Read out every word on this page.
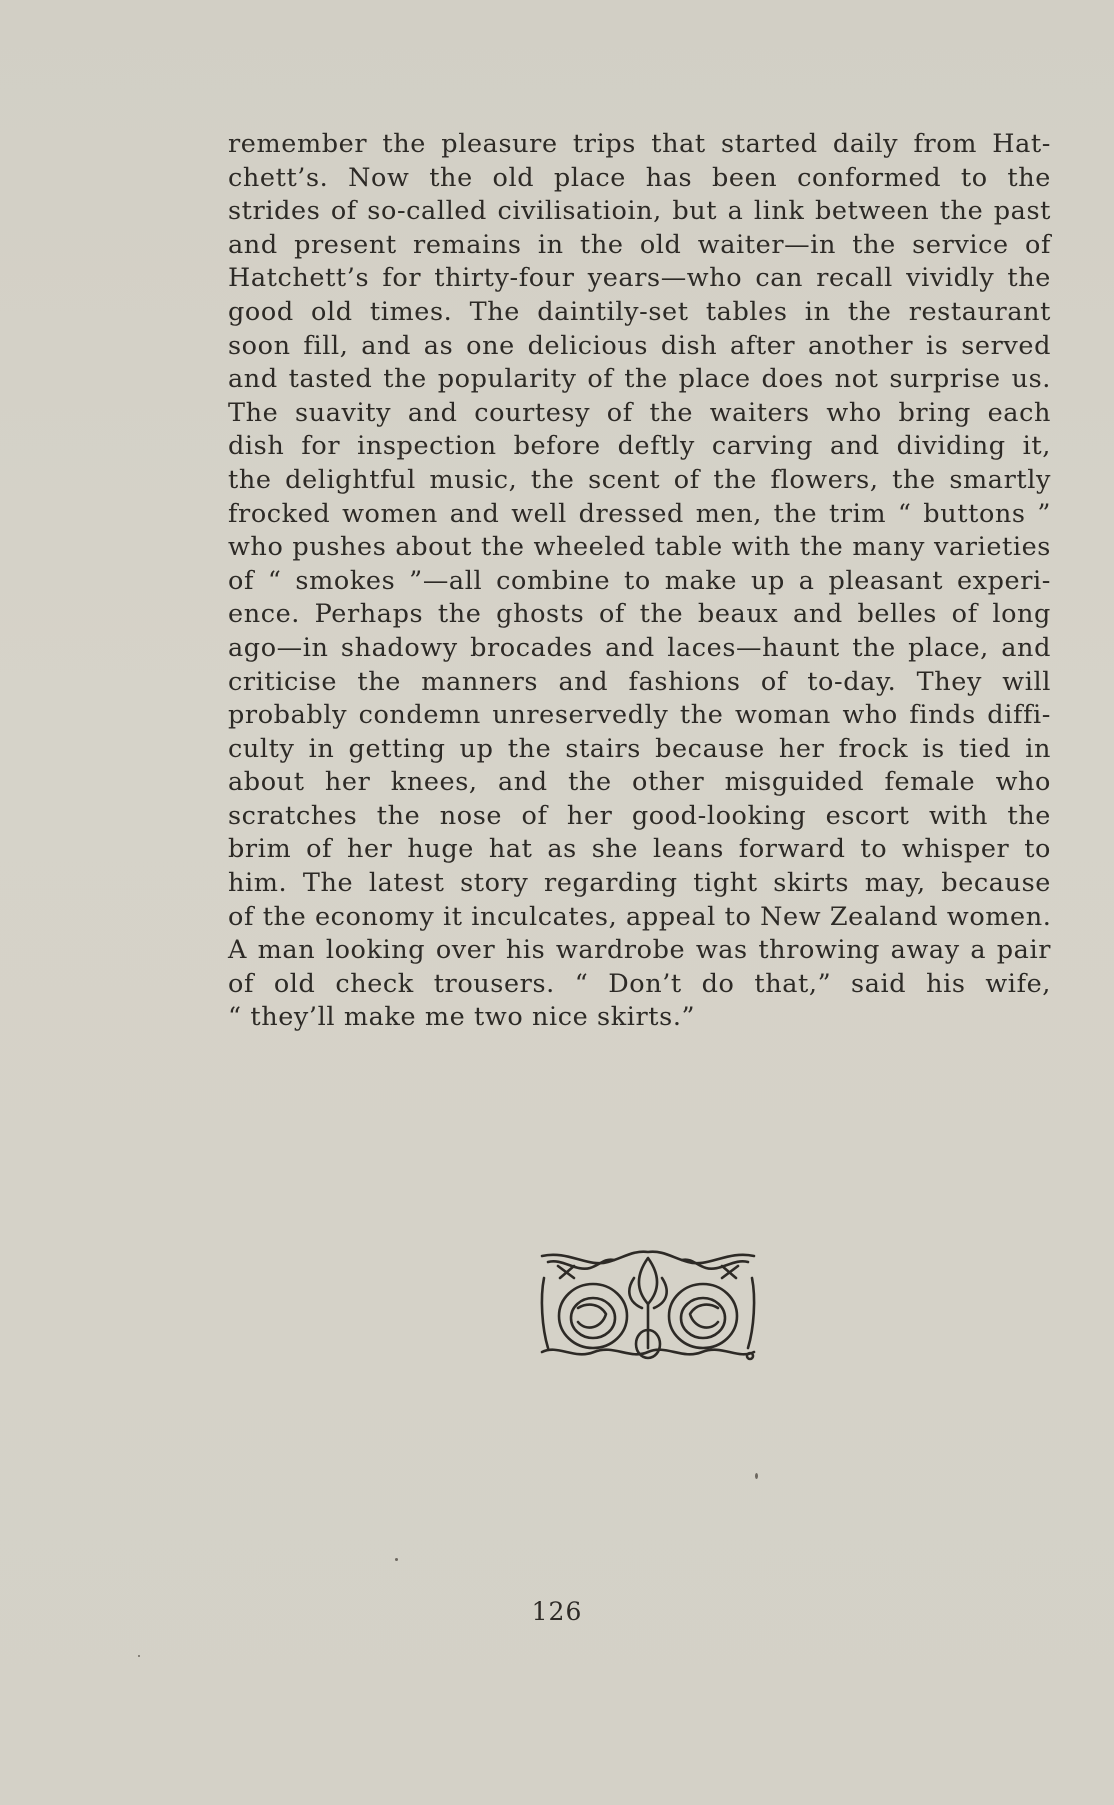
remember the pleasure trips that started daily from Hat-
chett’s. Now the old place has been conformed to the
strides of so-called civilisatioin, but a link between the past
and present remains in the old waiter—in the service of
Hatchett’s for thirty-four years—who can recall vividly the
good old times. The daintily-set tables in the restaurant
soon fill, and as one delicious dish after another is served
and tasted the popularity of the place does not surprise us.
The suavity and courtesy of the waiters who bring each
dish for inspection before deftly carving and dividing it,
the delightful music, the scent of the flowers, the smartly
frocked women and well dressed men, the trim “ buttons ”
who pushes about the wheeled table with the many varieties
of “ smokes ”—all combine to make up a pleasant experi-
ence. Perhaps the ghosts of the beaux and belles of long
ago—in shadowy brocades and laces—haunt the place, and
criticise the manners and fashions of to-day. They will
probably condemn unreservedly the woman who finds diffi-
culty in getting up the stairs because her frock is tied in
about her knees, and the other misguided female who
scratches the nose of her good-looking escort with the
brim of her huge hat as she leans forward to whisper to
him. The latest story regarding tight skirts may, because
of the economy it inculcates, appeal to New Zealand women.
A man looking over his wardrobe was throwing away a pair
of old check trousers. “ Don’t do that,” said his wife,
“ they’ll make me two nice skirts.”
126
